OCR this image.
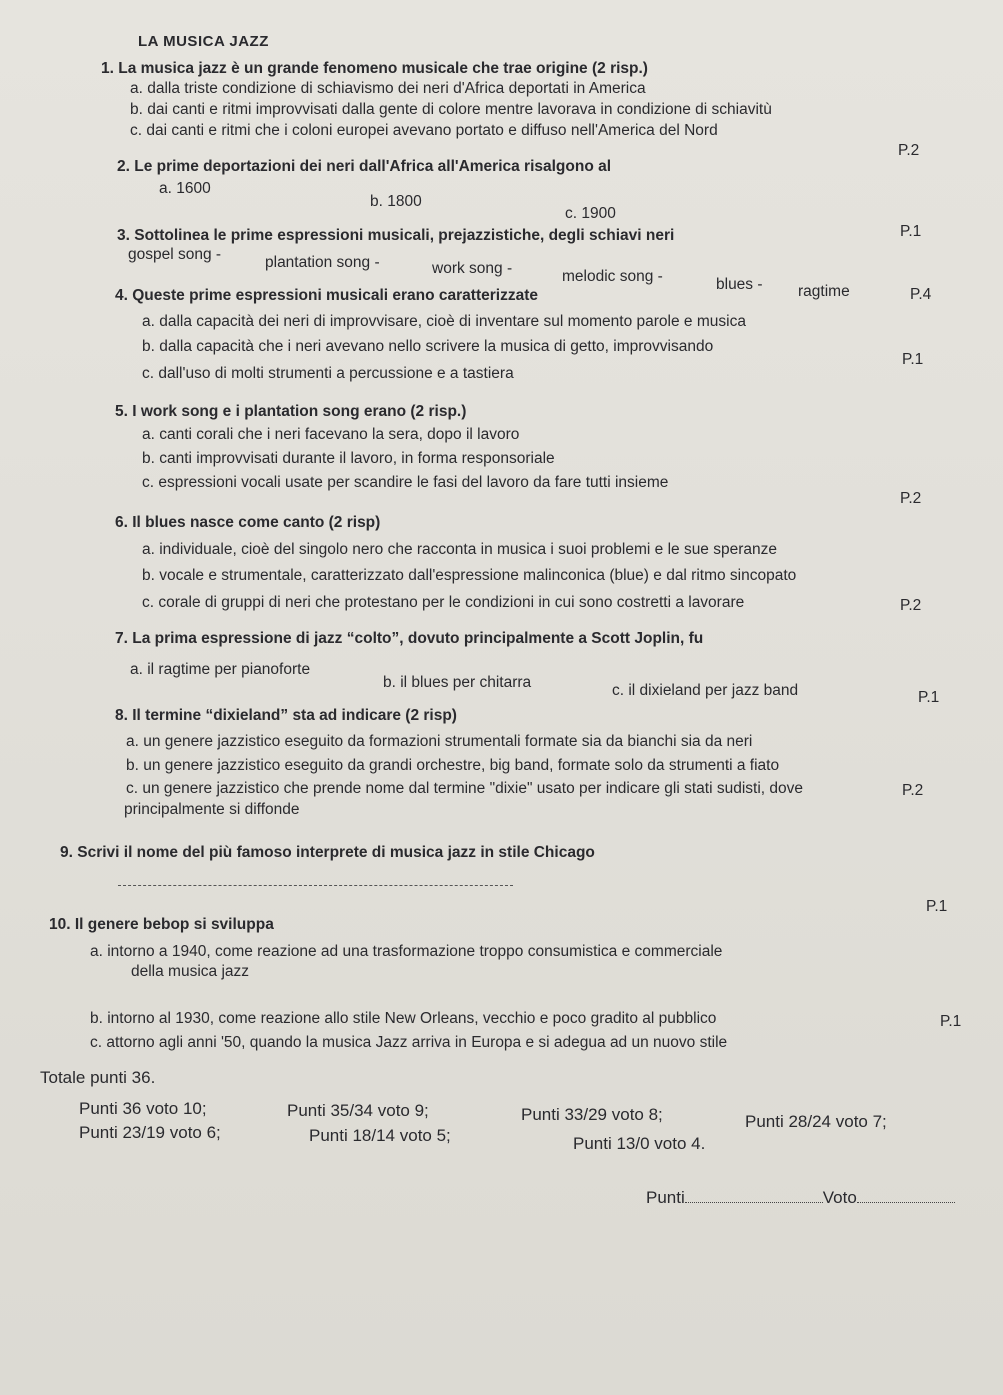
LA MUSICA JAZZ
1. La musica jazz è un grande fenomeno musicale che trae origine (2 risp.)
a. dalla triste condizione di schiavismo dei neri d'Africa deportati in America
b. dai canti e ritmi improvvisati dalla gente di colore mentre lavorava in condizione di schiavitù
c. dai canti e ritmi che i coloni europei avevano portato e diffuso nell'America del Nord
P.2
2. Le prime deportazioni dei neri dall'Africa all'America risalgono al
a. 1600
b. 1800
c. 1900
P.1
3. Sottolinea le prime espressioni musicali, prejazzistiche, degli schiavi neri
gospel song -	plantation song -	work song -	melodic song -	blues - ragtime	P.4
4. Queste prime espressioni musicali erano caratterizzate
a. dalla capacità dei neri di improvvisare, cioè di inventare sul momento parole e musica
b. dalla capacità che i neri avevano nello scrivere la musica di getto, improvvisando
c. dall'uso di molti strumenti a percussione e a tastiera
P.1
5. I work song e i plantation song erano (2 risp.)
a. canti corali che i neri facevano la sera, dopo il lavoro
b. canti improvvisati durante il lavoro, in forma responsoriale
c. espressioni vocali usate per scandire le fasi del lavoro da fare tutti insieme
P.2
6. Il blues nasce come canto (2 risp)
a. individuale, cioè del singolo nero che racconta in musica i suoi problemi e le sue speranze
b. vocale e strumentale, caratterizzato dall'espressione malinconica (blue) e dal ritmo sincopato
c. corale di gruppi di neri che protestano per le condizioni in cui sono costretti a lavorare	P.2
7. La prima espressione di jazz “colto”, dovuto principalmente a Scott Joplin, fu
a. il ragtime per pianoforte
b. il blues per chitarra	c. il dixieland per jazz band	P.1
8. Il termine “dixieland” sta ad indicare (2 risp)
a. un genere jazzistico eseguito da formazioni strumentali formate sia da bianchi sia da neri
b. un genere jazzistico eseguito da grandi orchestre, big band, formate solo da strumenti a fiato
c. un genere jazzistico che prende nome dal termine "dixie" usato per indicare gli stati sudisti, dove
principalmente si diffonde
P.2
9. Scrivi il nome del più famoso interprete di musica jazz in stile Chicago
P.1
10. Il genere bebop si sviluppa
a. intorno a 1940, come reazione ad una trasformazione troppo consumistica e commerciale
della musica jazz
b. intorno al 1930, come reazione allo stile New Orleans, vecchio e poco gradito al pubblico
c. attorno agli anni '50, quando la musica Jazz arriva in Europa e si adegua ad un nuovo stile
P.1
Totale punti 36.
Punti 36 voto 10;	Punti 35/34 voto 9;	Punti 33/29 voto 8;	Punti 28/24 voto 7;
Punti 23/19 voto 6;	Punti 18/14 voto 5;	Punti 13/0 voto 4.
Punti	Voto
